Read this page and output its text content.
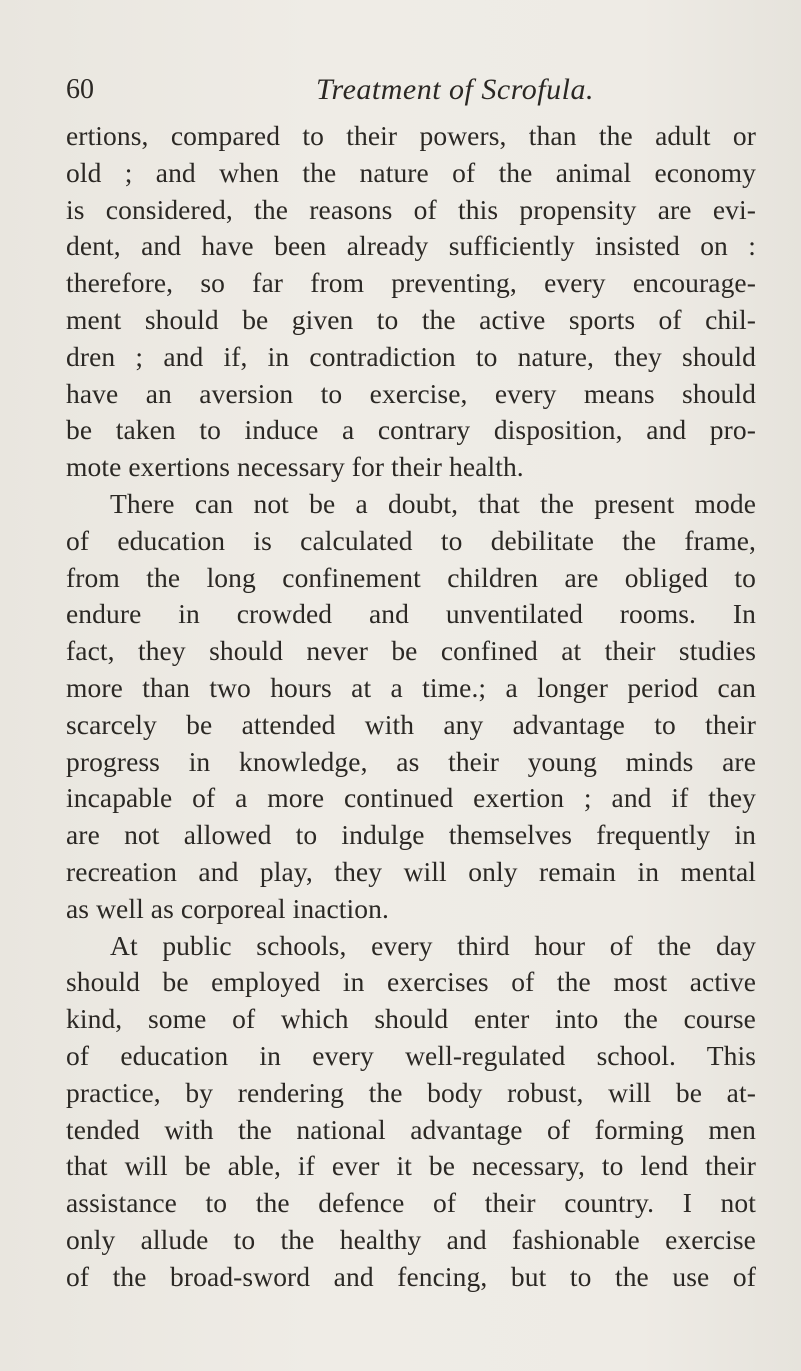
60	Treatment of Scrofula.
ertions, compared to their powers, than the adult or
old ; and when the nature of the animal economy
is considered, the reasons of this propensity are evi-
dent, and have been already sufficiently insisted on :
therefore, so far from preventing, every encourage-
ment should be given to the active sports of chil-
dren ; and if, in contradiction to nature, they should
have an aversion to exercise, every means should
be taken to induce a contrary disposition, and pro-
mote exertions necessary for their health.
There can not be a doubt, that the present mode
of education is calculated to debilitate the frame,
from the long confinement children are obliged to
endure in crowded and unventilated rooms. In
fact, they should never be confined at their studies
more than two hours at a time.; a longer period can
scarcely be attended with any advantage to their
progress in knowledge, as their young minds are
incapable of a more continued exertion ; and if they
are not allowed to indulge themselves frequently in
recreation and play, they will only remain in mental
as well as corporeal inaction.
At public schools, every third hour of the day
should be employed in exercises of the most active
kind, some of which should enter into the course
of education in every well-regulated school. This
practice, by rendering the body robust, will be at-
tended with the national advantage of forming men
that will be able, if ever it be necessary, to lend their
assistance to the defence of their country. I not
only allude to the healthy and fashionable exercise
of the broad-sword and fencing, but to the use of
